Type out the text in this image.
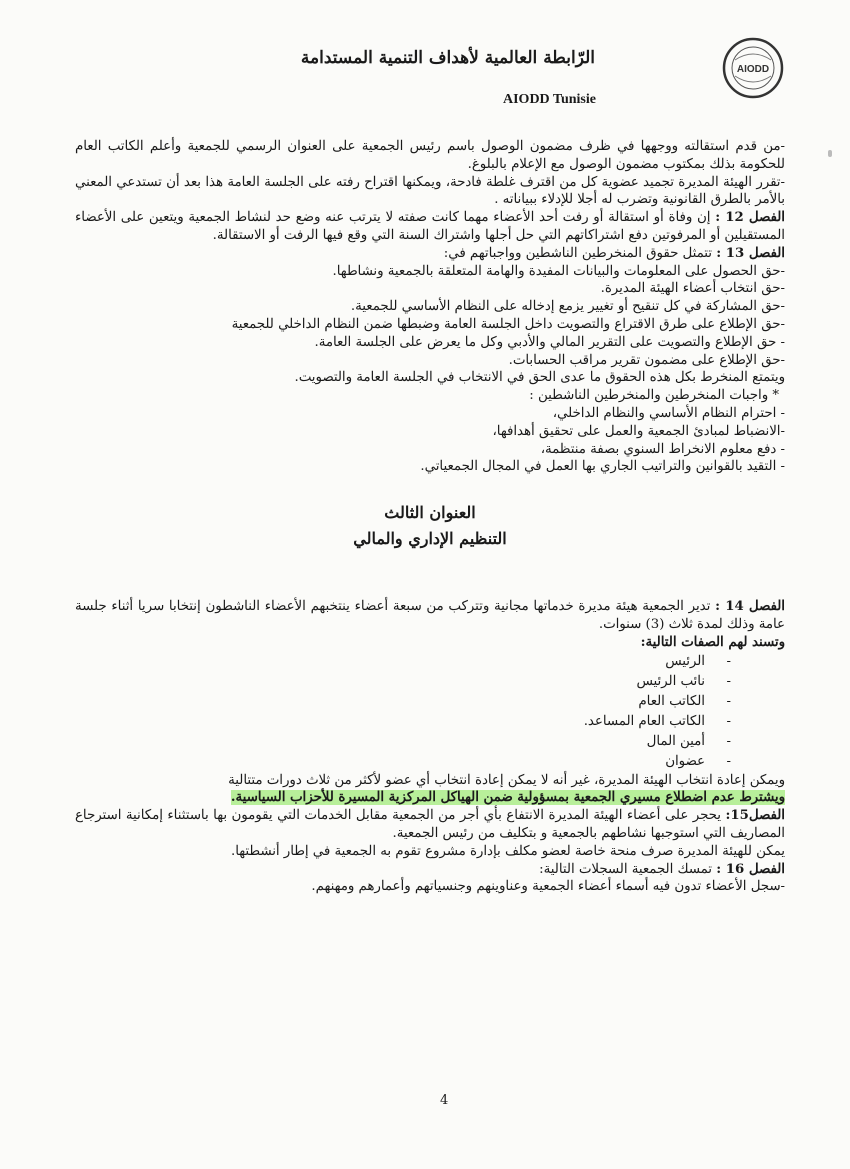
الرّابطة العالمية لأهداف التنمية المستدامة
AIODD
AIODD Tunisie

-من قدم استقالته ووجهها في ظرف مضمون الوصول باسم رئيس الجمعية على العنوان الرسمي للجمعية وأعلم الكاتب العام للحكومة بذلك بمكتوب مضمون الوصول مع الإعلام بالبلوغ.

-تقرر الهيئة المديرة تجميد عضوية كل من اقترف غلطة فادحة، ويمكنها اقتراح رفته على الجلسة العامة هذا بعد أن تستدعي المعني بالأمر بالطرق القانونية وتضرب له أجلا للإدلاء ببياناته .

الفصل 12 : إن وفاة أو استقالة أو رفت أحد الأعضاء مهما كانت صفته لا يترتب عنه وضع حد لنشاط الجمعية ويتعين على الأعضاء المستقيلين أو المرفوتين دفع اشتراكاتهم التي حل أجلها واشتراك السنة التي وقع فيها الرفت أو الاستقالة.

الفصل 13 : تتمثل حقوق المنخرطين الناشطين وواجباتهم في:

-حق الحصول على المعلومات والبيانات المفيدة والهامة المتعلقة بالجمعية ونشاطها.
-حق انتخاب أعضاء الهيئة المديرة.
-حق المشاركة في كل تنقيح أو تغيير يزمع إدخاله على النظام الأساسي للجمعية.
-حق الإطلاع على طرق الاقتراع والتصويت داخل الجلسة العامة وضبطها ضمن النظام الداخلي للجمعية
- حق الإطلاع والتصويت على التقرير المالي والأدبي وكل ما يعرض على الجلسة العامة.
-حق الإطلاع على مضمون تقرير مراقب الحسابات.

ويتمتع المنخرط بكل هذه الحقوق ما عدى الحق في الانتخاب في الجلسة العامة والتصويت.

* واجبات المنخرطين والمنخرطين الناشطين :

- احترام النظام الأساسي والنظام الداخلي،
-الانضباط لمبادئ الجمعية والعمل على تحقيق أهدافها،
- دفع معلوم الانخراط السنوي بصفة منتظمة،
- التقيد بالقوانين والتراتيب الجاري بها العمل في المجال الجمعياتي.
العنوان الثالث
التنظيم الإداري والمالي

الفصل 14 : تدير الجمعية هيئة مديرة خدماتها مجانية وتتركب من سبعة أعضاء ينتخبهم الأعضاء الناشطون إنتخابا سريا أثناء جلسة عامة وذلك لمدة ثلاث (3) سنوات.

وتسند لهم الصفات التالية:

- الرئيس
- نائب الرئيس
- الكاتب العام
- الكاتب العام المساعد.
- أمين المال
- عضوان

ويمكن إعادة انتخاب الهيئة المديرة، غير أنه لا يمكن إعادة انتخاب أي عضو لأكثر من ثلاث دورات متتالية

ويشترط عدم اضطلاع مسيري الجمعية بمسؤولية ضمن الهياكل المركزية المسيرة للأحزاب السياسية.

الفصل15: يحجر على أعضاء الهيئة المديرة الانتفاع بأي أجر من الجمعية مقابل الخدمات التي يقومون بها باستثناء إمكانية استرجاع المصاريف التي استوجبها نشاطهم بالجمعية و بتكليف من رئيس الجمعية.

يمكن للهيئة المديرة صرف منحة خاصة لعضو مكلف بإدارة مشروع تقوم به الجمعية في إطار أنشطتها.

الفصل 16 : تمسك الجمعية السجلات التالية:

-سجل الأعضاء تدون فيه أسماء أعضاء الجمعية وعناوينهم وجنسياتهم وأعمارهم ومهنهم.

4
